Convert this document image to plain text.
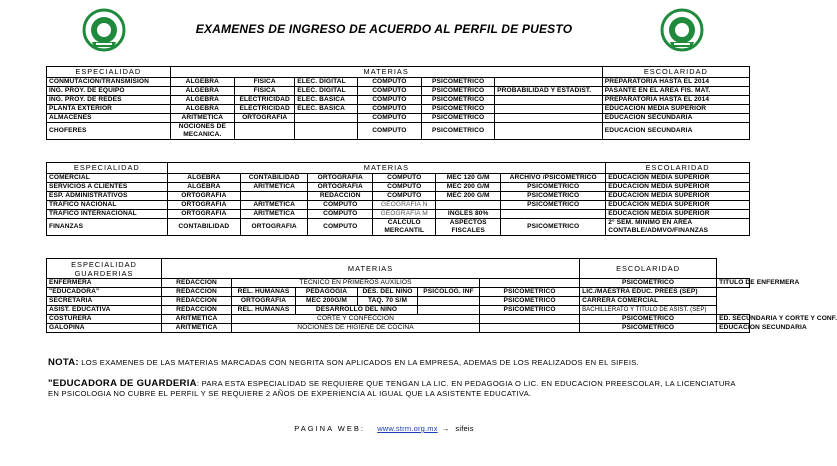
EXAMENES DE INGRESO DE ACUERDO AL PERFIL DE PUESTO
ESPECIALIDAD	MATERIAS						ESCOLARIDAD
CONMUTACION/TRANSMISION	ALGEBRA	FISICA	ELEC. DIGITAL	COMPUTO	PSICOMETRICO		PREPARATORIA HASTA EL 2014
ING. PROY. DE EQUIPO	ALGEBRA	FISICA	ELEC. DIGITAL	COMPUTO	PSICOMETRICO	PROBABILIDAD Y ESTADIST.	PASANTE EN EL AREA FIS. MAT.
ING. PROY. DE REDES	ALGEBRA	ELECTRICIDAD	ELEC. BASICA	COMPUTO	PSICOMETRICO		PREPARATORIA HASTA EL 2014
PLANTA EXTERIOR	ALGEBRA	ELECTRICIDAD	ELEC. BASICA	COMPUTO	PSICOMETRICO		EDUCACION MEDIA SUPERIOR
ALMACENES	ARITMETICA	ORTOGRAFIA		COMPUTO	PSICOMETRICO		EDUCACION SECUNDARIA
CHOFERES	NOCIONES DE MECANICA.			COMPUTO	PSICOMETRICO		EDUCACION SECUNDARIA
ESPECIALIDAD	MATERIAS						ESCOLARIDAD
COMERCIAL	ALGEBRA	CONTABILIDAD	ORTOGRAFIA	COMPUTO	MEC 120 G/M	ARCHIVO /PSICOMETRICO	EDUCACION MEDIA SUPERIOR
SERVICIOS A CLIENTES	ALGEBRA	ARITMETICA	ORTOGRAFIA	COMPUTO	MEC 200 G/M	PSICOMETRICO	EDUCACION MEDIA SUPERIOR
ESP. ADMINISTRATIVOS	ORTOGRAFIA		REDACCION	COMPUTO	MEC 200 G/M	PSICOMETRICO	EDUCACION MEDIA SUPERIOR
TRAFICO NACIONAL	ORTOGRAFIA	ARITMETICA	COMPUTO	GEOGRAFIA N		PSICOMETRICO	EDUCACION MEDIA SUPERIOR
TRAFICO INTERNACIONAL	ORTOGRAFIA	ARITMETICA	COMPUTO	GEOGRAFIA M	INGLES 80%		EDUCACION MEDIA SUPERIOR
FINANZAS	CONTABILIDAD	ORTOGRAFIA	COMPUTO	CALCULO MERCANTIL	ASPECTOS FISCALES	PSICOMETRICO	2° SEM. MINIMO EN AREA CONTABLE/ADMVO/FINANZAS
ESPECIALIDAD GUARDERIAS	MATERIAS						ESCOLARIDAD	
ENFERMERA	REDACCION	TECNICO EN PRIMEROS AUXILIOS					PSICOMETRICO	TITULO DE ENFERMERA
"EDUCADORA"	REDACCION	REL. HUMANAS	PEDAGOGIA	DES. DEL NIÑO	PSICOLOG. INF	PSICOMETRICO	LIC./MAESTRA EDUC. PREES (SEP)	
SECRETARIA	REDACCION	ORTOGRAFIA	MEC 200G/M	TAQ. 70 S/M		PSICOMETRICO	CARRERA COMERCIAL	
ASIST. EDUCATIVA	REDACCION	REL. HUMANAS	DESARROLLO DEL NIÑO			PSICOMETRICO	BACHILLERATO Y TITULO DE ASIST. (SEP)	
COSTURERA	ARITMETICA	CORTE Y CONFECCION					PSICOMETRICO	ED. SECUNDARIA Y CORTE Y CONF.
GALOPINA	ARITMETICA	NOCIONES DE HIGIENE DE COCINA					PSICOMETRICO	EDUCACION SECUNDARIA
NOTA: LOS EXAMENES DE LAS MATERIAS MARCADAS CON NEGRITA SON APLICADOS EN LA EMPRESA, ADEMAS DE LOS REALIZADOS EN EL SIFEIS.
"EDUCADORA DE GUARDERIA: PARA ESTA ESPECIALIDAD SE REQUIERE QUE TENGAN LA LIC. EN PEDAGOGIA O LIC. EN EDUCACION PREESCOLAR, LA LICENCIATURA EN PSICOLOGIA NO CUBRE EL PERFIL Y SE REQUIERE 2 AÑOS DE EXPERIENCIA AL IGUAL QUE LA ASISTENTE EDUCATIVA.
PAGINA WEB: www.strm.org.mx → sifeis
